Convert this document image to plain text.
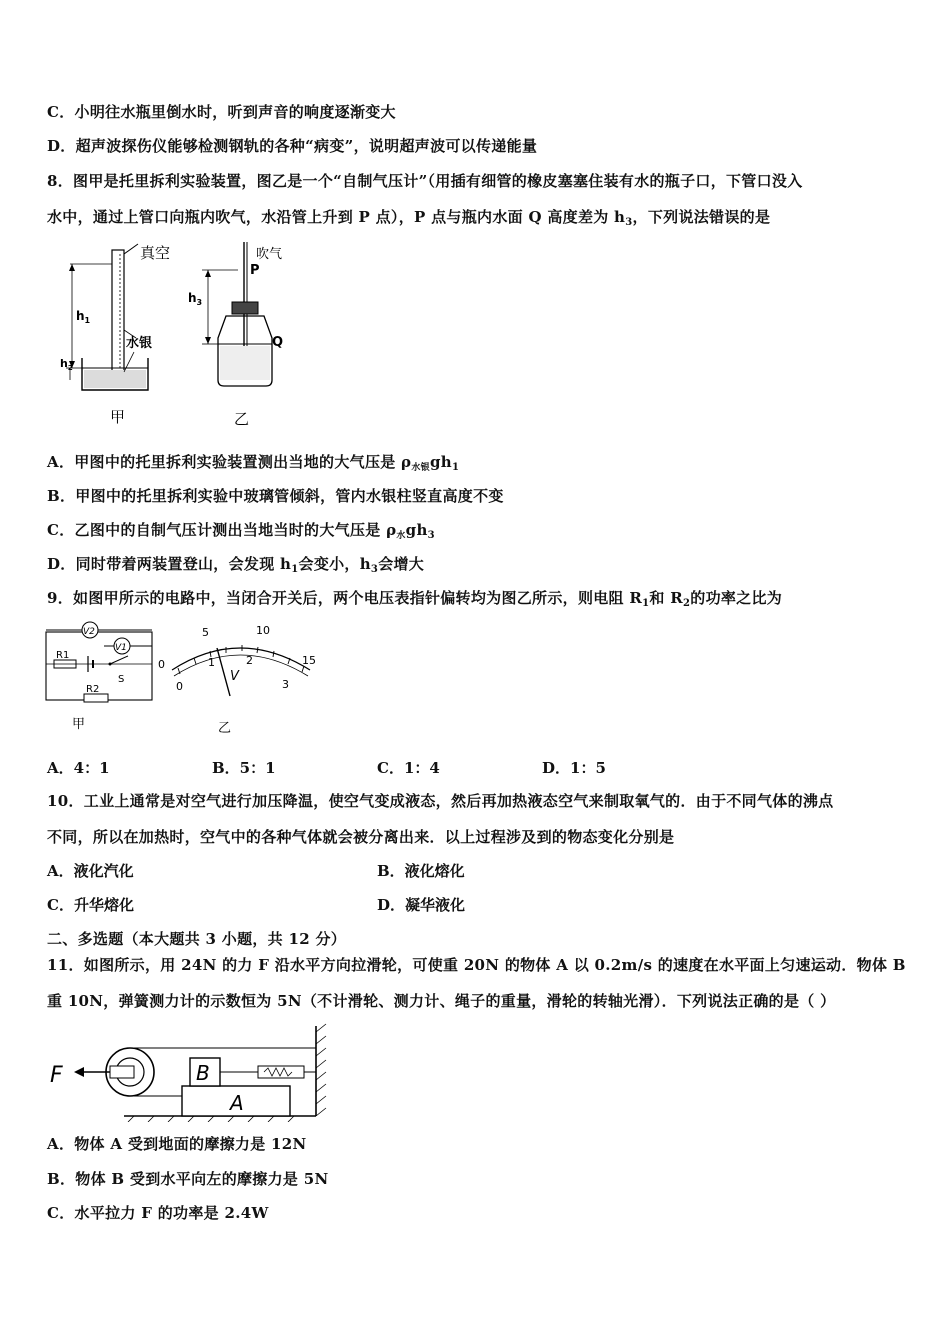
C．小明往水瓶里倒水时，听到声音的响度逐渐变大
D．超声波探伤仪能够检测钢轨的各种“病变”，说明超声波可以传递能量
8．图甲是托里拆利实验装置，图乙是一个“自制气压计”（用插有细管的橡皮塞塞住装有水的瓶子口，下管口没入
水中，通过上管口向瓶内吹气，水沿管上升到 P 点），P 点与瓶内水面 Q 高度差为 $h_3$，下列说法错误的是
真空
水银
$h_1$
$h_2$
甲
吹气
P
Q
$h_3$
乙
A．甲图中的托里拆利实验装置测出当地的大气压是 $\rho_{水银}gh_1$
B．甲图中的托里拆利实验中玻璃管倾斜，管内水银柱竖直高度不变
C．乙图中的自制气压计测出当地当时的大气压是 $\rho_水gh_3$
D．同时带着两装置登山，会发现 $h_1$会变小，$h_3$会增大
9．如图甲所示的电路中，当闭合开关后，两个电压表指针偏转均为图乙所示，则电阻 $R_1$和 $R_2$的功率之比为
V2
V1
R1
S
R2
甲
0
5	10
15
0
1	2
3
V
乙
A．4：1	B．5：1	C．1：4	D．1：5
10．工业上通常是对空气进行加压降温，使空气变成液态，然后再加热液态空气来制取氧气的．由于不同气体的沸点
不同，所以在加热时，空气中的各种气体就会被分离出来．以上过程涉及到的物态变化分别是
A．液化汽化	B．液化熔化
C．升华熔化	D．凝华液化
二、多选题（本大题共 3 小题，共 12 分）
11．如图所示，用 24N 的力 F 沿水平方向拉滑轮，可使重 20N 的物体 A 以 0.2m/s 的速度在水平面上匀速运动．物体 B
重 10N，弹簧测力计的示数恒为 5N（不计滑轮、测力计、绳子的重量，滑轮的转轴光滑）．下列说法正确的是（ ）
F	B
A
A．物体 A 受到地面的摩擦力是 12N
B．物体 B 受到水平向左的摩擦力是 5N
C．水平拉力 F 的功率是 2.4W
